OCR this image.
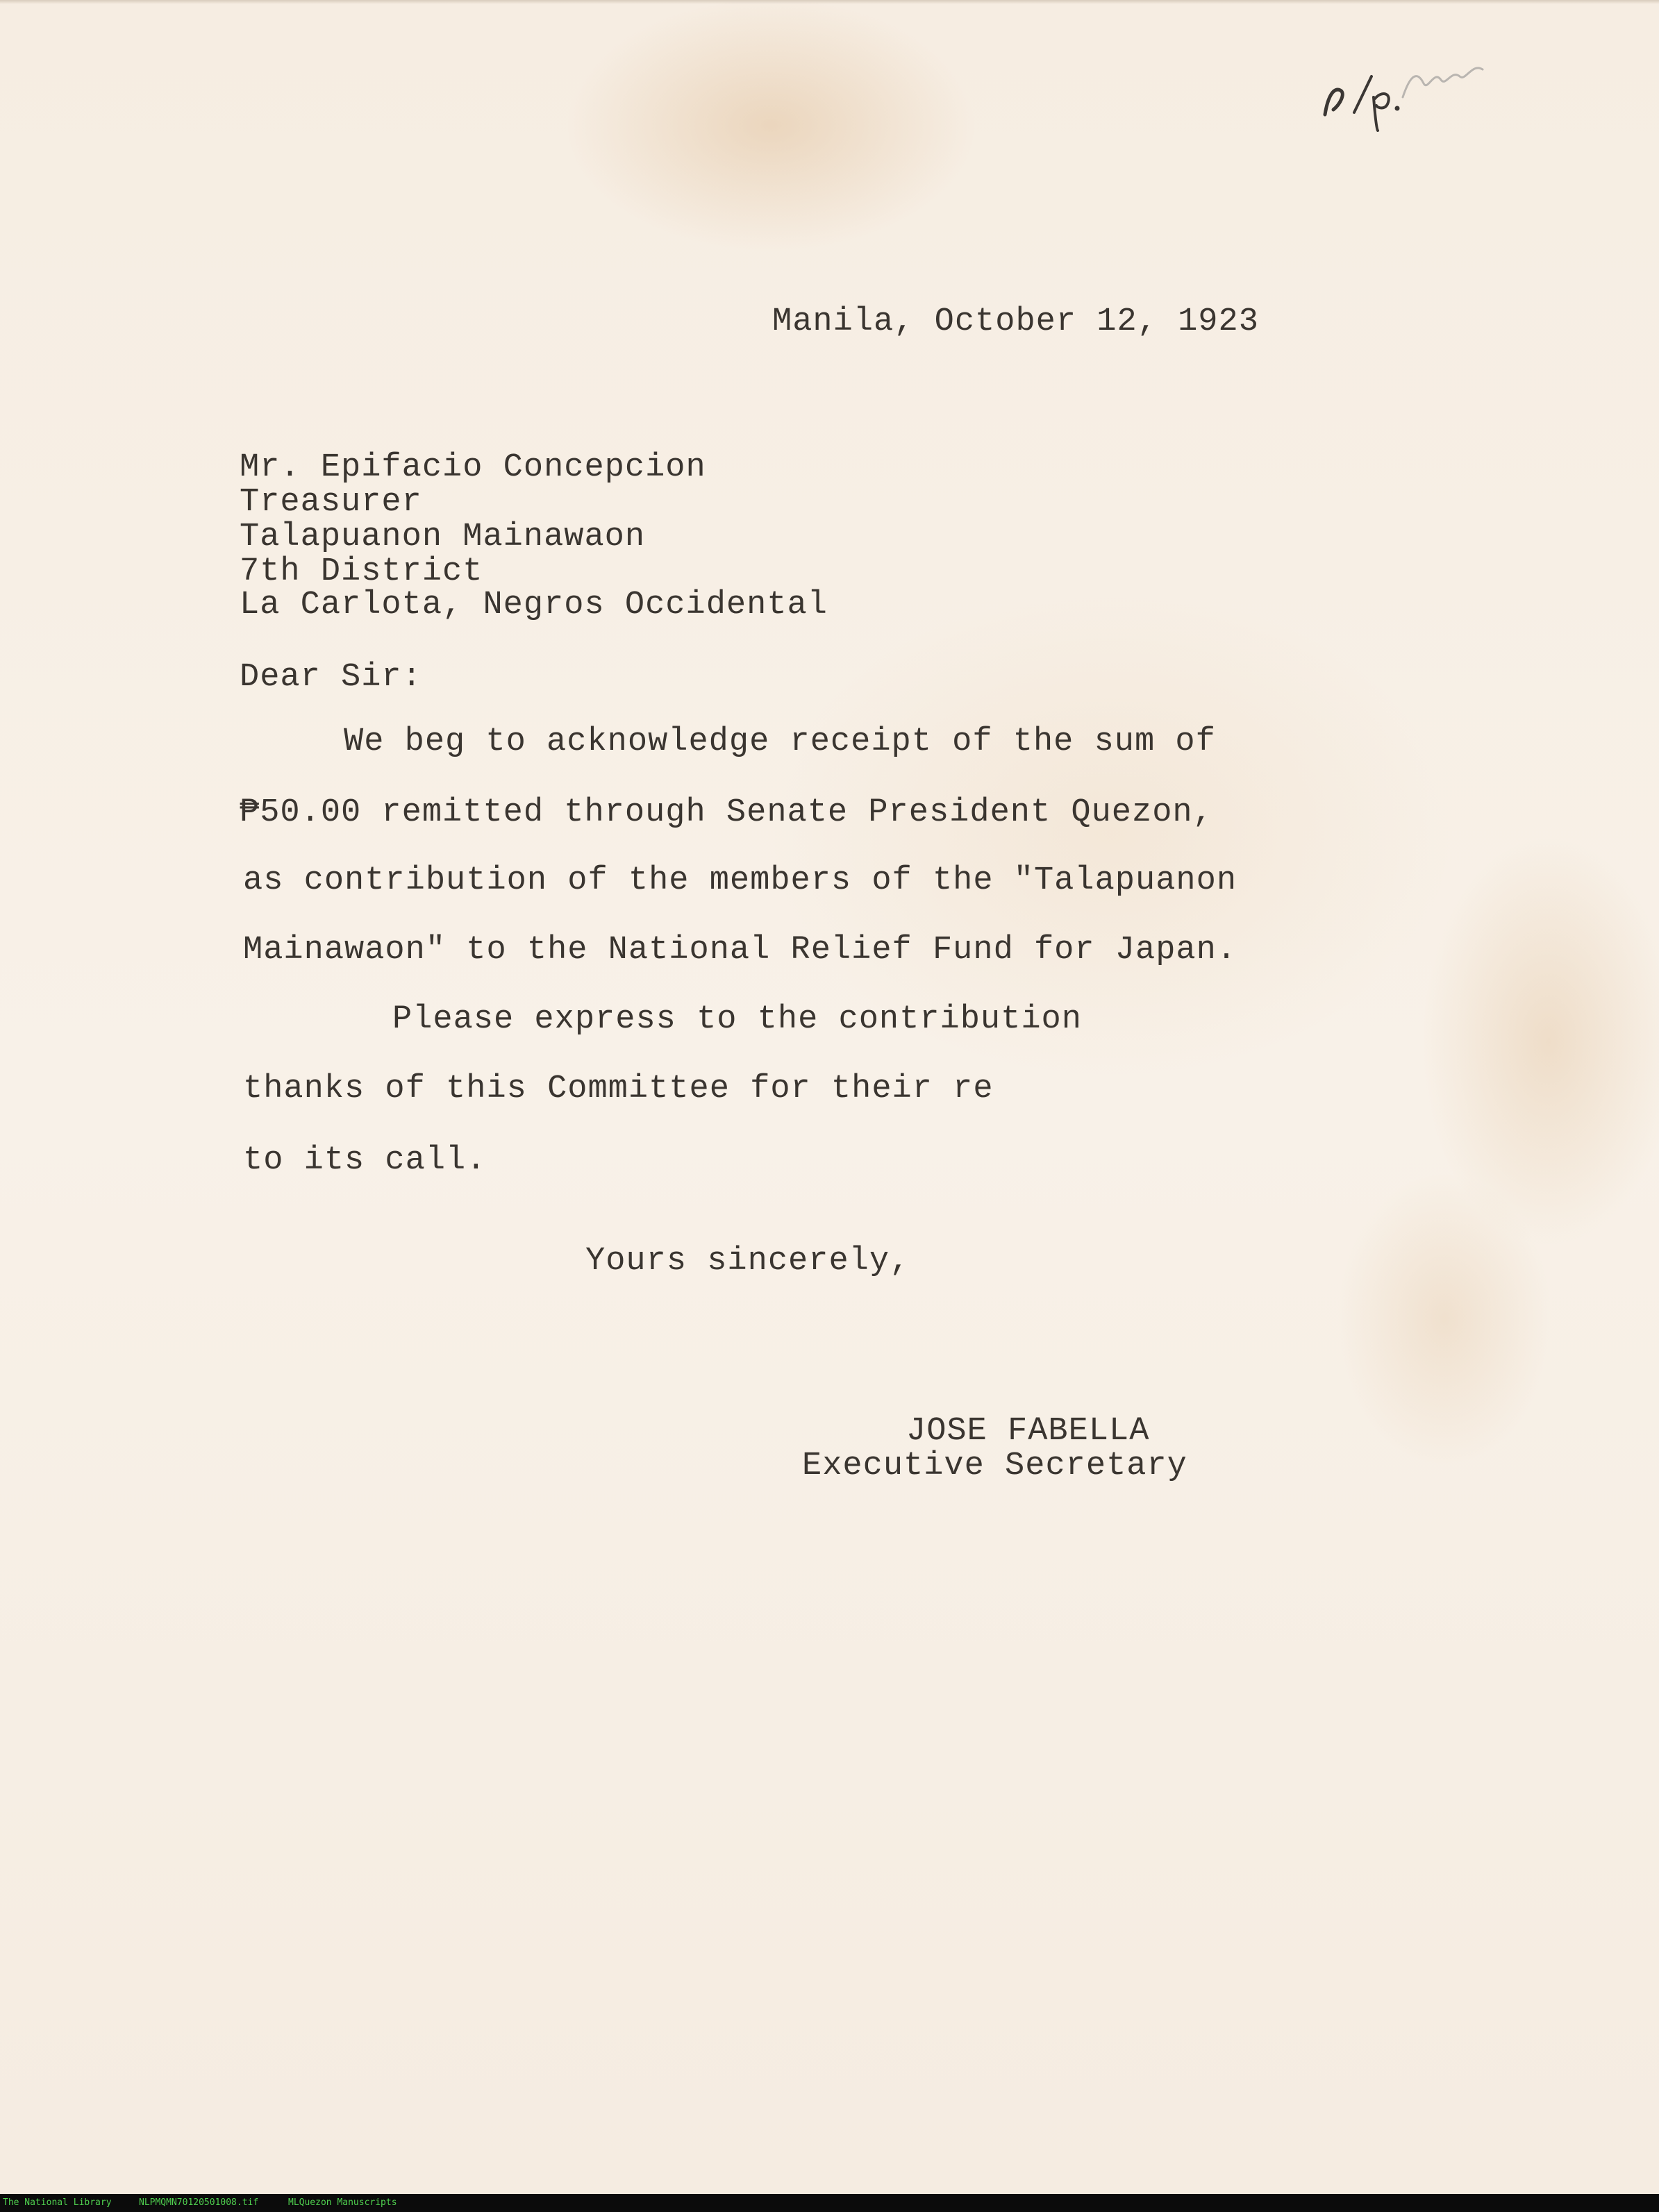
Manila, October 12, 1923
Mr. Epifacio Concepcion
Treasurer
Talapuanon Mainawaon
7th District
La Carlota, Negros Occidental
Dear Sir:
We beg to acknowledge receipt of the sum of
₱50.00 remitted through Senate President Quezon,
as contribution of the members of the "Talapuanon
Mainawaon" to the National Relief Fund for Japan.
Please express to the contribution
thanks of this Committee for their re
to its call.
Yours sincerely,
JOSE FABELLA
Executive Secretary
The National Library	NLPMQMN70120501008.tif	MLQuezon Manuscripts
